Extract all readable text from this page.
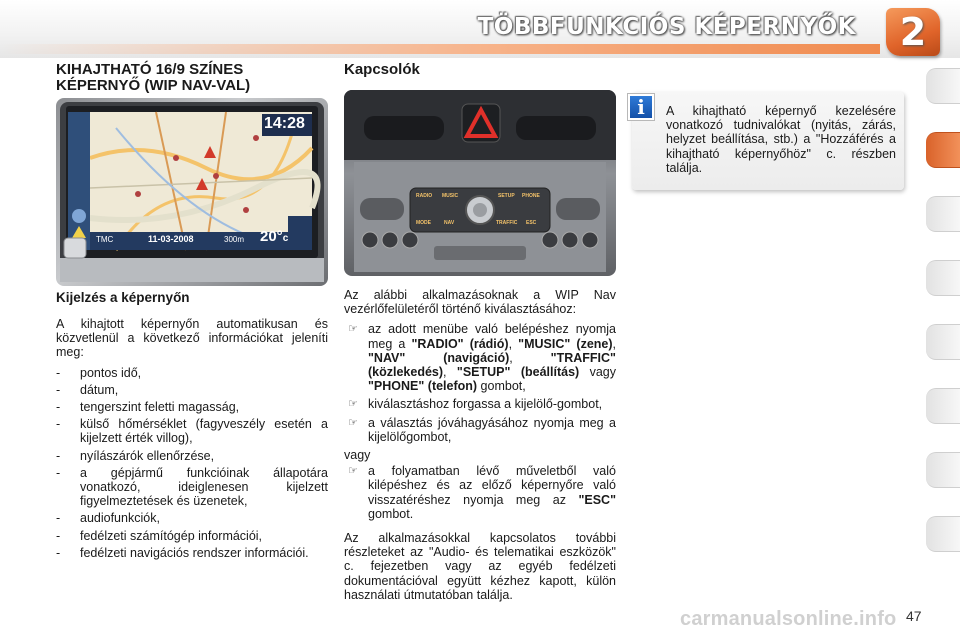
TÖBBFUNKCIÓS KÉPERNYŐK	2
KIHAJTHATÓ 16/9 SZÍNES
KÉPERNYŐ (WIP NAV-VAL)
14:28
TMC	11-03-2008	300m 20°c
Kapcsolók
RADIO MUSIC	SETUP PHONE
MODE	NAV	TRAFFIC ESC
Kijelzés a képernyőn

A kihajtott képernyőn automatikusan és közvetlenül a következő információkat jeleníti meg:

- pontos idő,
- dátum,
- tengerszint feletti magasság,
- külső hőmérséklet (fagyveszély esetén a kijelzett érték villog),
- nyílászárók ellenőrzése,
- a gépjármű funkcióinak állapotára vonatkozó, ideiglenesen kijelzett figyelmeztetések és üzenetek,
- audiofunkciók,
- fedélzeti számítógép információi,
- fedélzeti navigációs rendszer információi.

Az alábbi alkalmazásoknak a WIP Nav vezérlőfelületéről történő kiválasztásához:

☞ az adott menübe való belépéshez nyomja meg a "RADIO" (rádió), "MUSIC" (zene), "NAV" (navigáció), "TRAFFIC"(közlekedés), "SETUP" (beállítás) vagy "PHONE" (telefon) gombot,
☞ kiválasztáshoz forgassa a kijelölő-gombot,
☞ a választás jóváhagyásához nyomja meg a kijelölőgombot,
vagy
☞ a folyamatban lévő műveletből való kilépéshez és az előző képernyőre való visszatéréshez nyomja meg az "ESC" gombot.

Az alkalmazásokkal kapcsolatos további részleteket az "Audio- és telematikai eszközök" c. fejezetben vagy az egyéb fedélzeti dokumentációval együtt kézhez kapott, külön használati útmutatóban találja.

i	A kihajtható képernyő kezelésére vonatkozó tudnivalókat (nyitás, zárás, helyzet beállítása, stb.) a "Hozzáférés a kihajtható képernyőhöz" c. részben találja.

carmanualsonline.info 47
